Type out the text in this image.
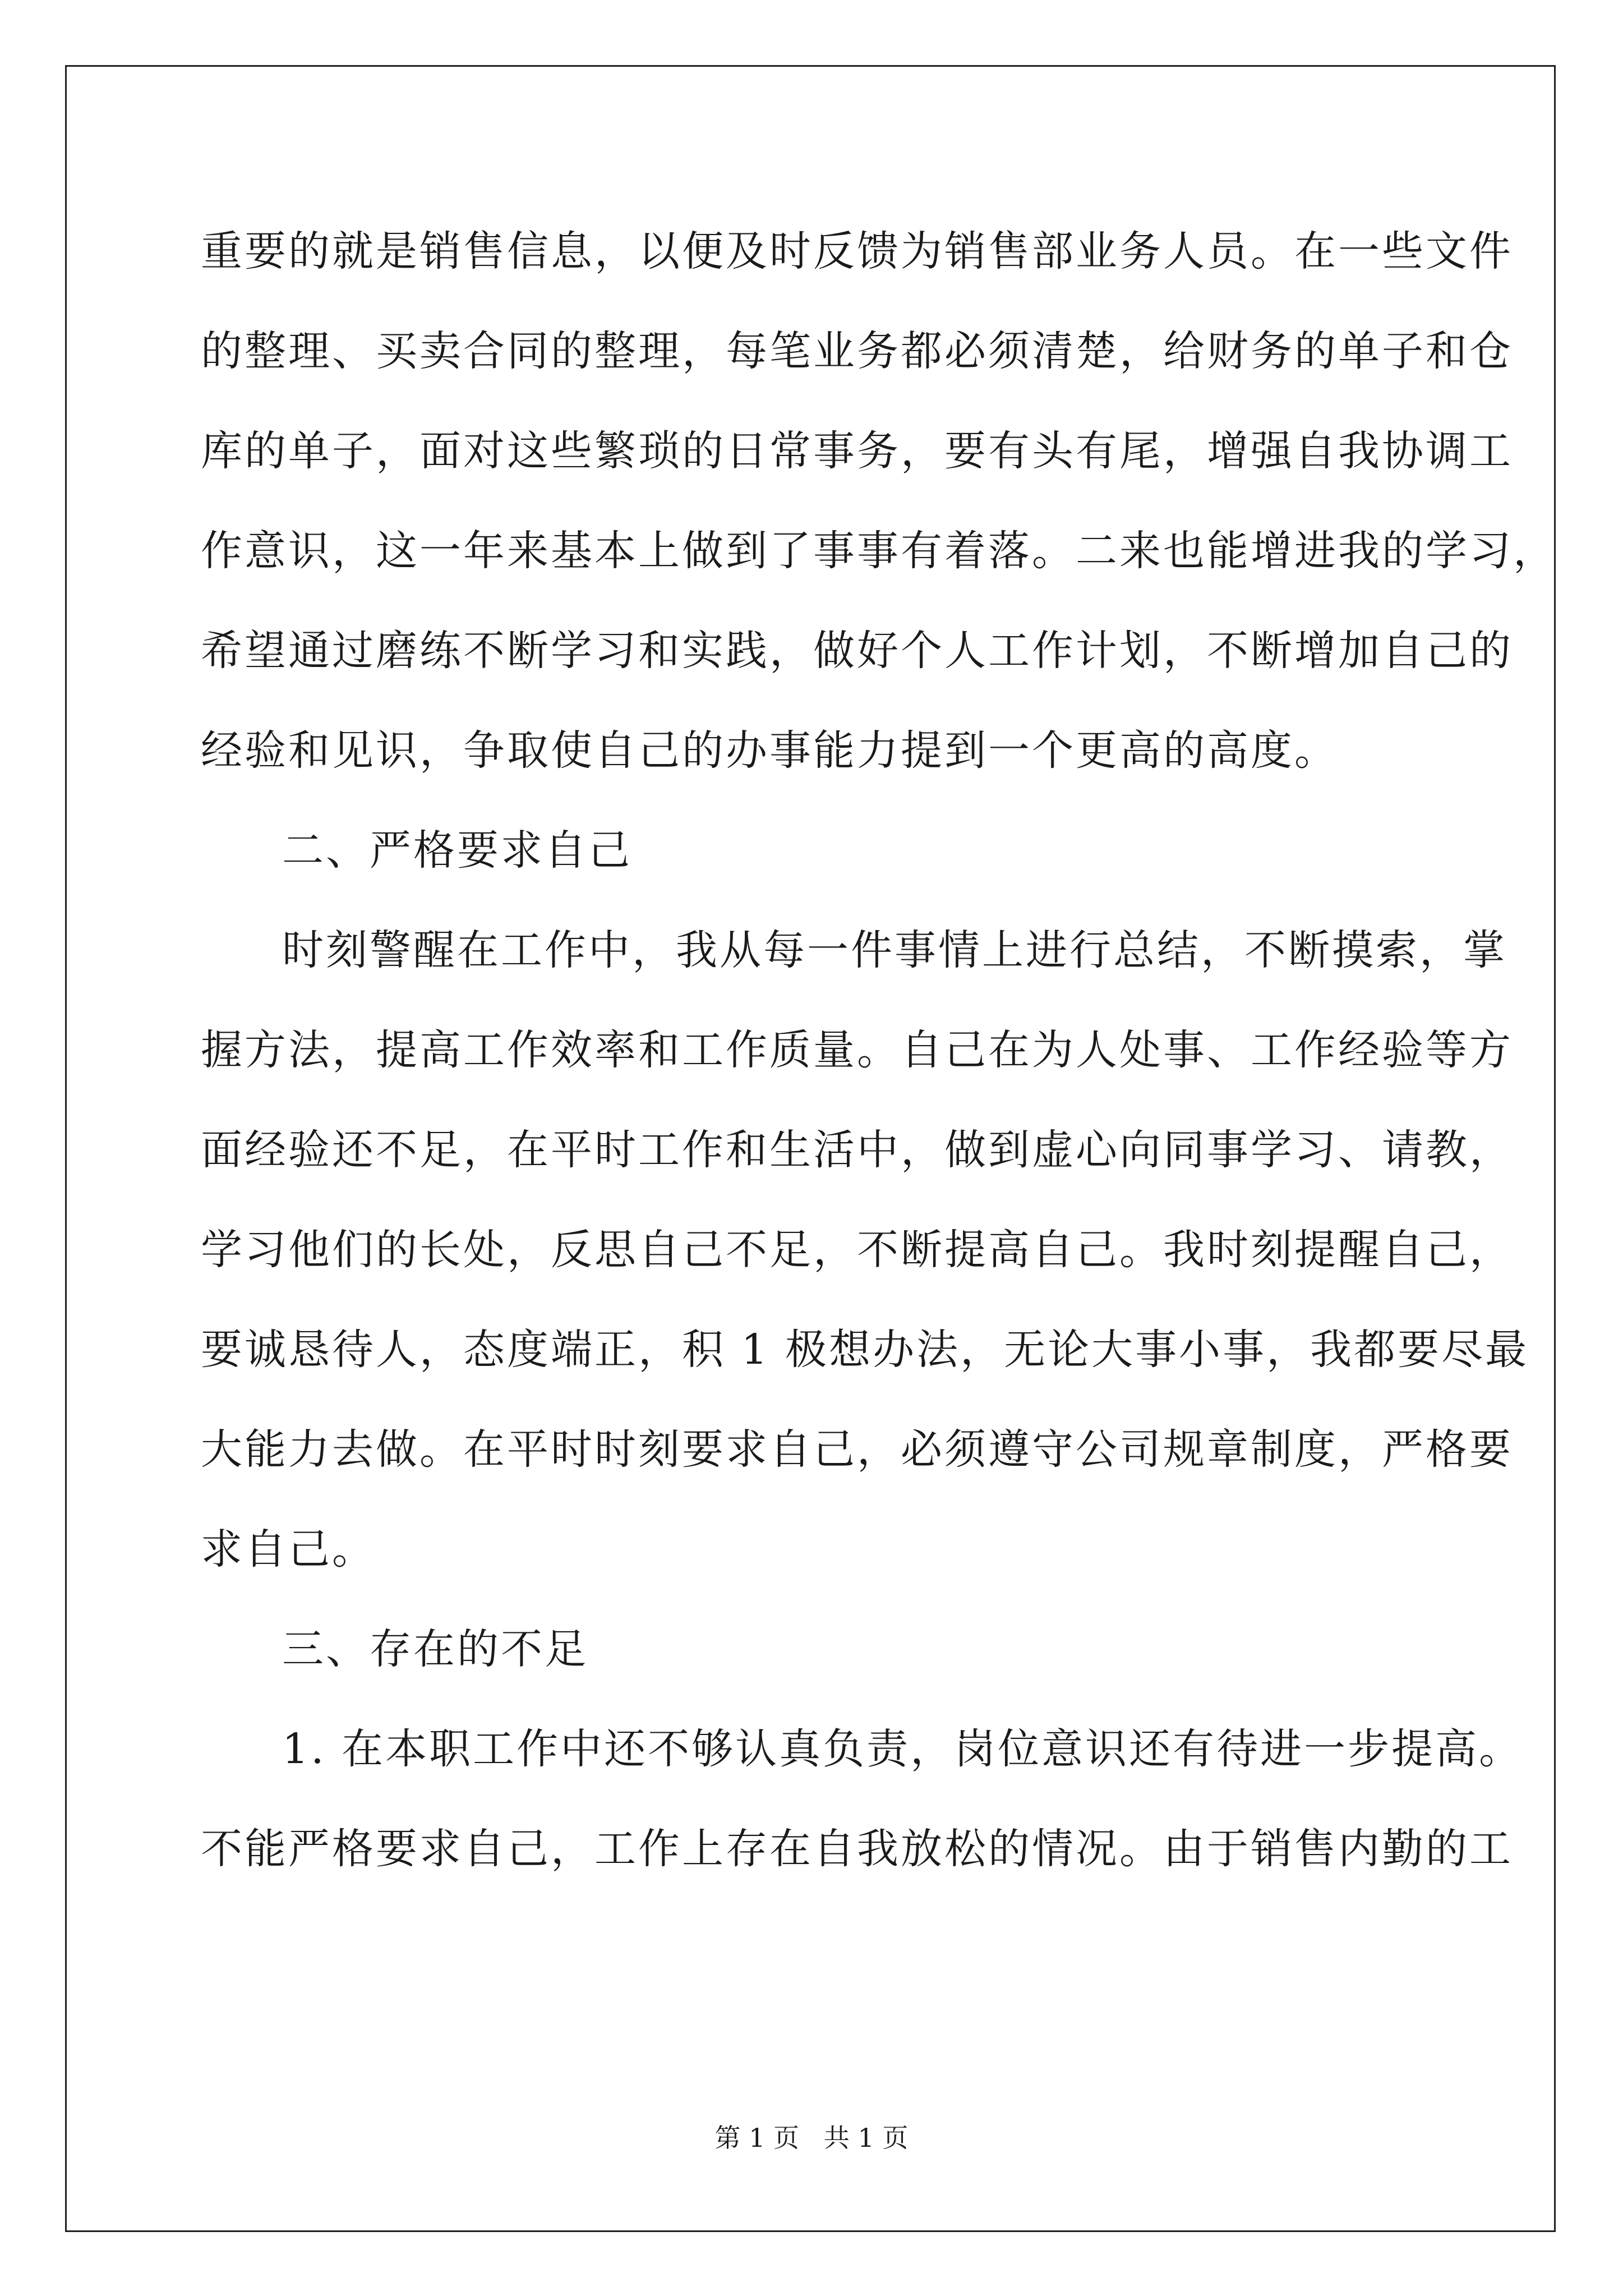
重要的就是销售信息，以便及时反馈为销售部业务人员。在一些文件
的整理、买卖合同的整理，每笔业务都必须清楚，给财务的单子和仓
库的单子，面对这些繁琐的日常事务，要有头有尾，增强自我协调工
作意识，这一年来基本上做到了事事有着落。二来也能增进我的学习，
希望通过磨练不断学习和实践，做好个人工作计划，不断增加自己的
经验和见识，争取使自己的办事能力提到一个更高的高度。
二、严格要求自己
时刻警醒在工作中，我从每一件事情上进行总结，不断摸索，掌
握方法，提高工作效率和工作质量。自己在为人处事、工作经验等方
面经验还不足，在平时工作和生活中，做到虚心向同事学习、请教，
学习他们的长处，反思自己不足，不断提高自己。我时刻提醒自己，
要诚恳待人，态度端正，积 1 极想办法，无论大事小事，我都要尽最
大能力去做。在平时时刻要求自己，必须遵守公司规章制度，严格要
求自己。
三、存在的不足
1. 在本职工作中还不够认真负责，岗位意识还有待进一步提高。
不能严格要求自己，工作上存在自我放松的情况。由于销售内勤的工
第 1 页   共 1 页
